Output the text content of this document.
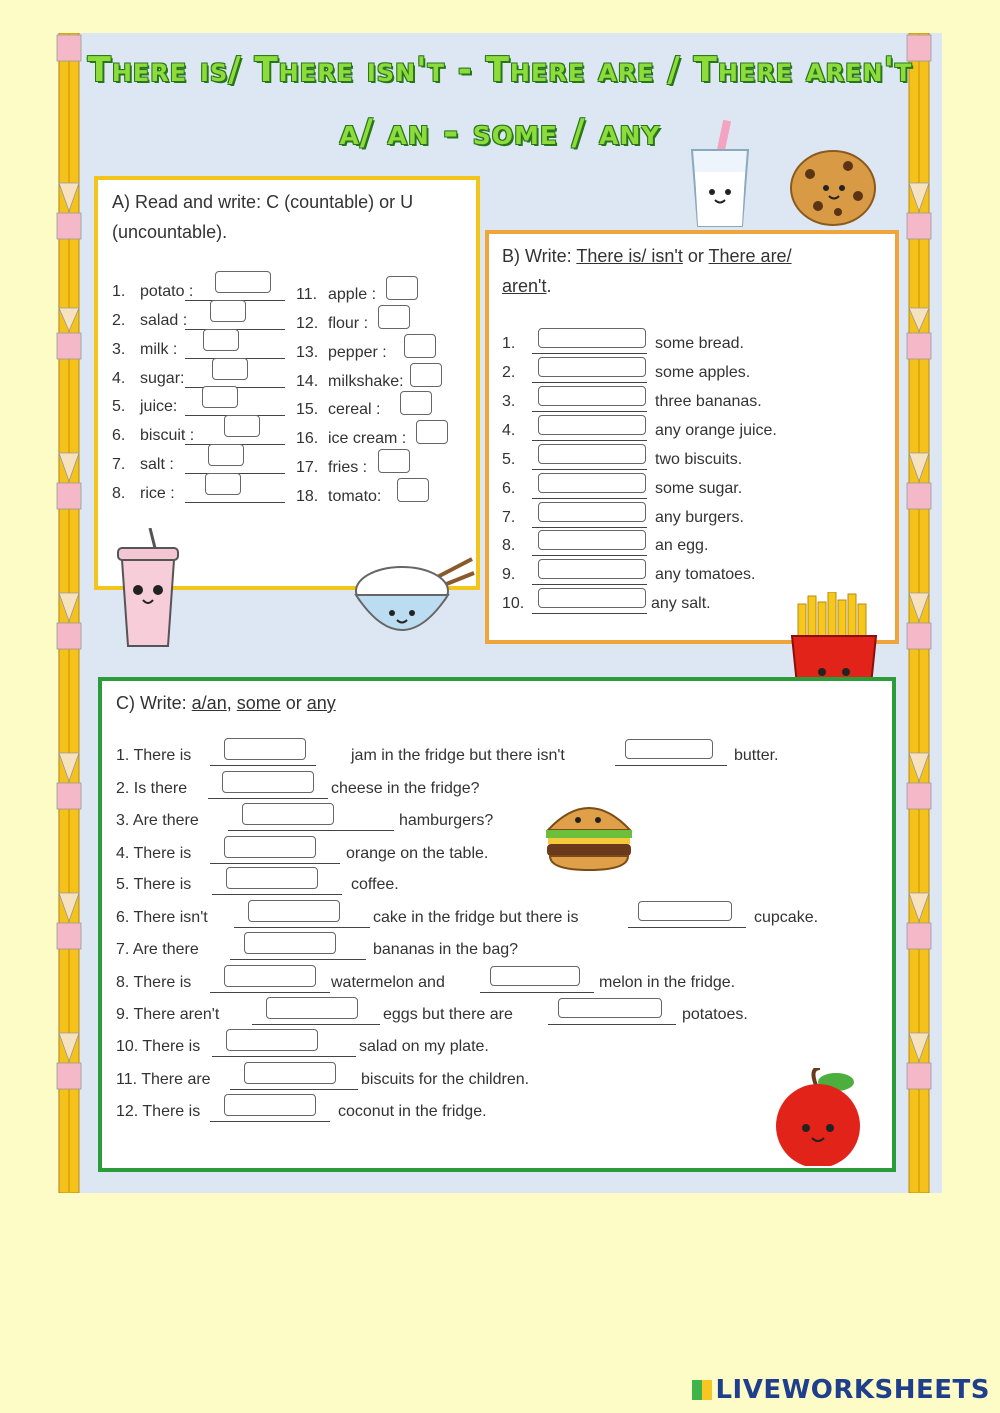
There is/ There isn't - There are / There aren't
a/ an - some / any
A) Read and write: C (countable) or U
(uncountable).
1. potato :
2. salad :
3. milk :
4. sugar:
5. juice:
6. biscuit :
7. salt :
8. rice :
11. apple :
12. flour :
13. pepper :
14. milkshake:
15. cereal :
16. ice cream :
17. fries :
18. tomato:
B) Write: There is/ isn't or There are/
aren't.
1.	some bread.
2.	some apples.
3.	three bananas.
4.	any orange juice.
5.	two biscuits.
6.	some sugar.
7.	any burgers.
8.	an egg.
9.	any tomatoes.
10.	any salt.
C) Write: a/an, some or any
1. There is	jam in the fridge but there isn't	butter.
2. Is there	cheese in the fridge?
3. Are there	hamburgers?
4. There is	orange on the table.
5. There is	coffee.
6. There isn't	cake in the fridge but there is	cupcake.
7. Are there	bananas in the bag?
8. There is	watermelon and	melon in the fridge.
9. There aren't	eggs but there are	potatoes.
10. There is	salad on my plate.
11. There are	biscuits for the children.
12. There is	coconut in the fridge.
LIVEWORKSHEETS
